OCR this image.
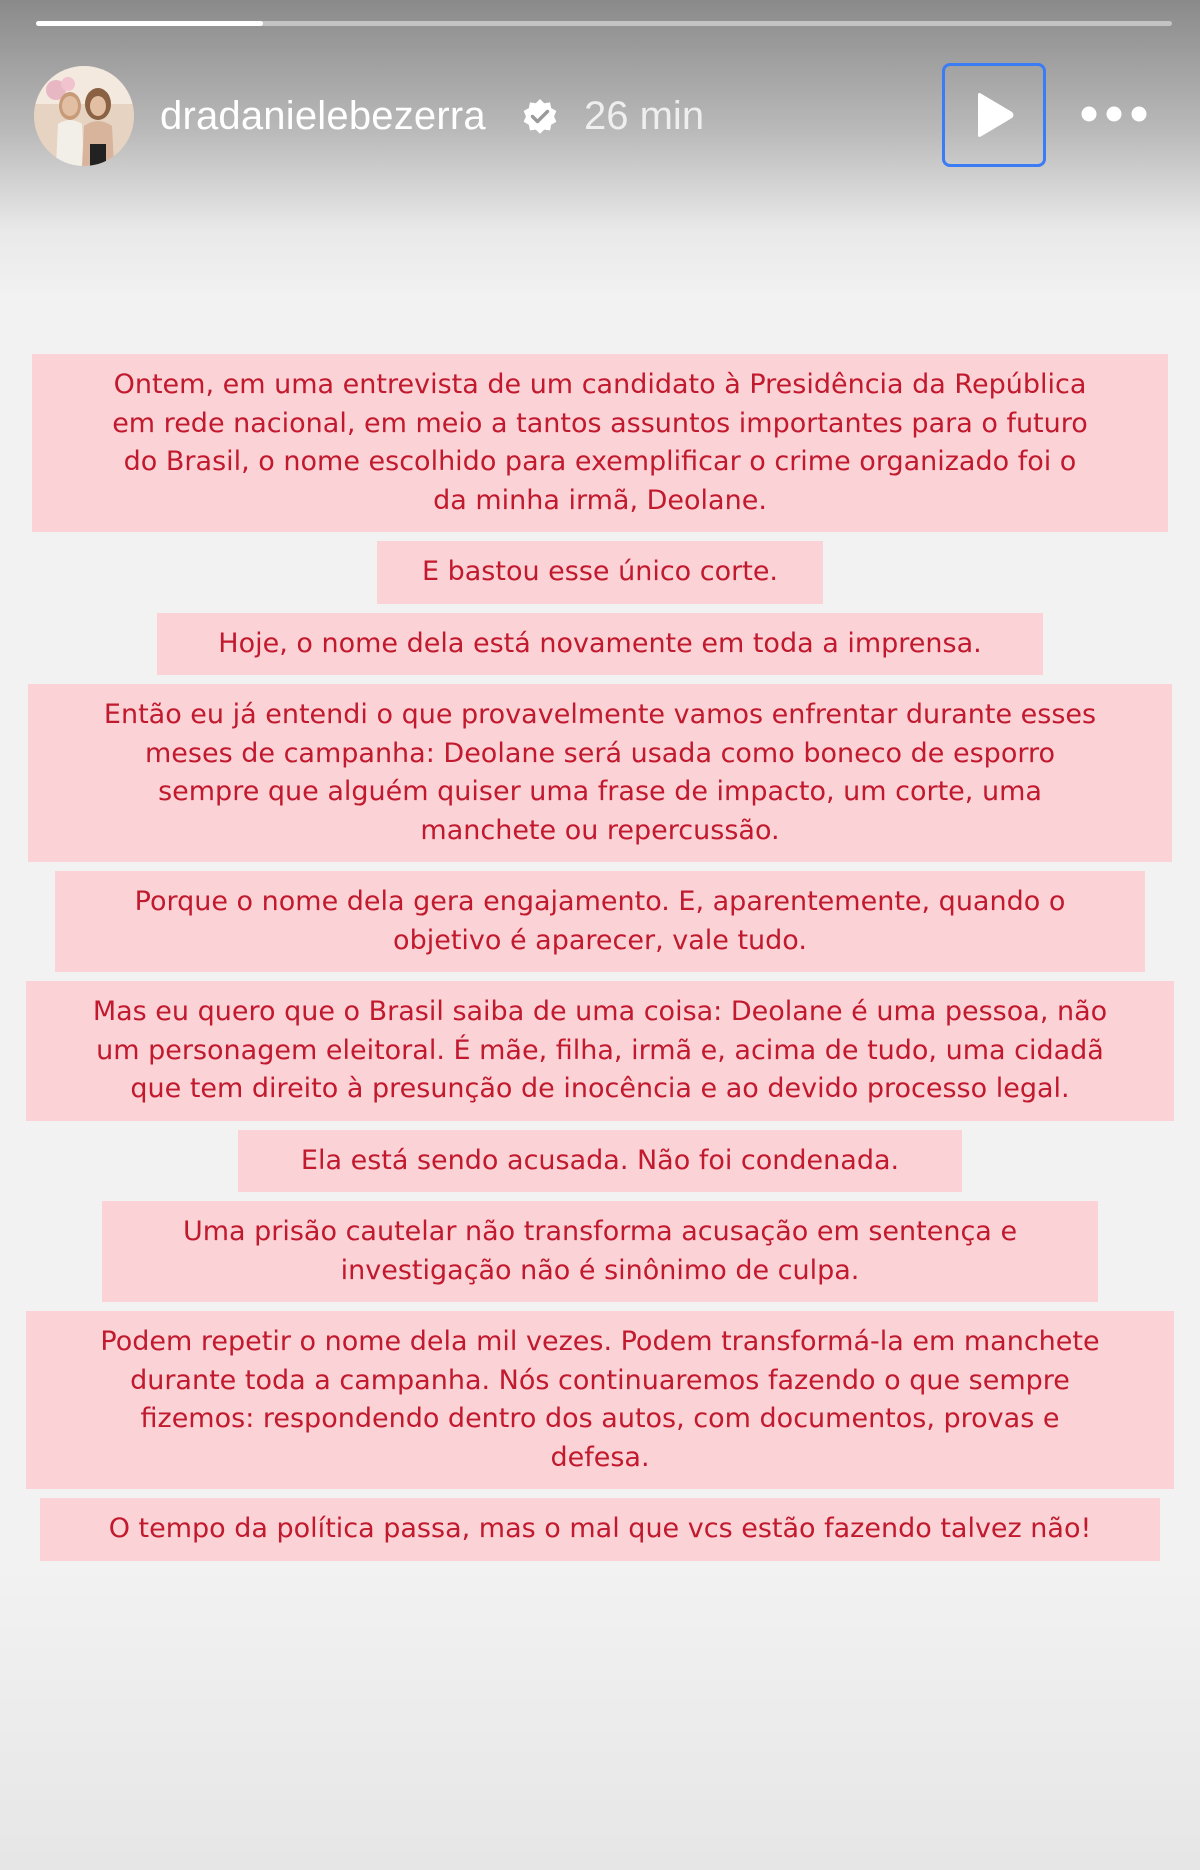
dradanielebezerra 26 min
Ontem, em uma entrevista de um candidato à Presidência da República
em rede nacional, em meio a tantos assuntos importantes para o futuro
do Brasil, o nome escolhido para exemplificar o crime organizado foi o
da minha irmã, Deolane.
E bastou esse único corte.
Hoje, o nome dela está novamente em toda a imprensa.
Então eu já entendi o que provavelmente vamos enfrentar durante esses
meses de campanha: Deolane será usada como boneco de esporro
sempre que alguém quiser uma frase de impacto, um corte, uma
manchete ou repercussão.
Porque o nome dela gera engajamento. E, aparentemente, quando o
objetivo é aparecer, vale tudo.
Mas eu quero que o Brasil saiba de uma coisa: Deolane é uma pessoa, não
um personagem eleitoral. É mãe, filha, irmã e, acima de tudo, uma cidadã
que tem direito à presunção de inocência e ao devido processo legal.
Ela está sendo acusada. Não foi condenada.
Uma prisão cautelar não transforma acusação em sentença e
investigação não é sinônimo de culpa.
Podem repetir o nome dela mil vezes. Podem transformá-la em manchete
durante toda a campanha. Nós continuaremos fazendo o que sempre
fizemos: respondendo dentro dos autos, com documentos, provas e
defesa.
O tempo da política passa, mas o mal que vcs estão fazendo talvez não!
